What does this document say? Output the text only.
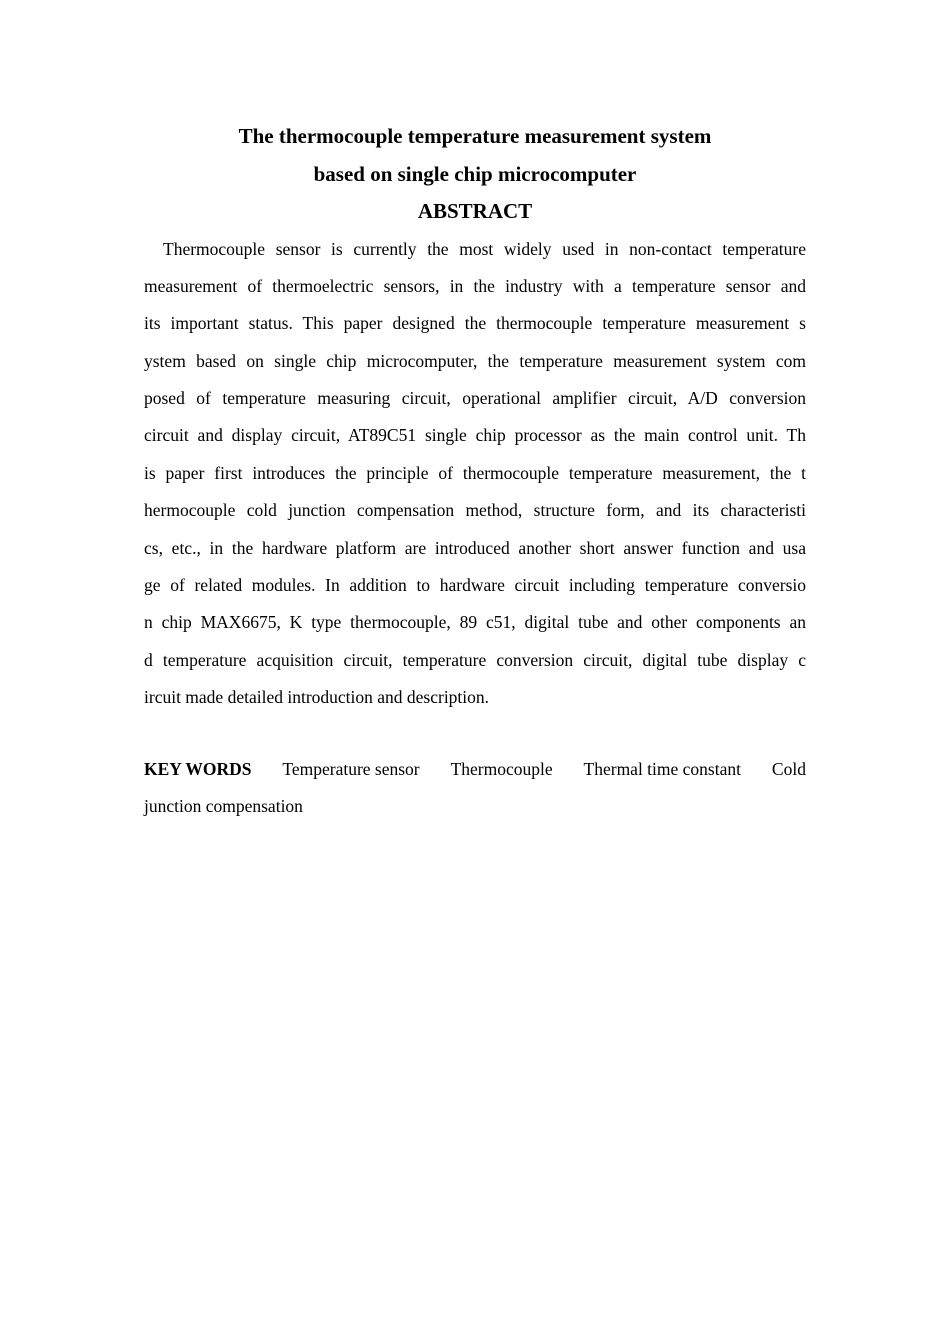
The thermocouple temperature measurement system
based on single chip microcomputer
ABSTRACT
Thermocouple sensor is currently the most widely used in non-contact temperature
measurement of thermoelectric sensors, in the industry with a temperature sensor and
its important status. This paper designed the thermocouple temperature measurement s
ystem based on single chip microcomputer, the temperature measurement system com
posed of temperature measuring circuit, operational amplifier circuit, A/D conversion
circuit and display circuit, AT89C51 single chip processor as the main control unit. Th
is paper first introduces the principle of thermocouple temperature measurement, the t
hermocouple cold junction compensation method, structure form, and its characteristi
cs, etc., in the hardware platform are introduced another short answer function and usa
ge of related modules. In addition to hardware circuit including temperature conversio
n chip MAX6675, K type thermocouple, 89 c51, digital tube and other components an
d temperature acquisition circuit, temperature conversion circuit, digital tube display c
ircuit made detailed introduction and description.
KEY WORDS Temperature sensor Thermocouple Thermal time constant Cold
junction compensation
